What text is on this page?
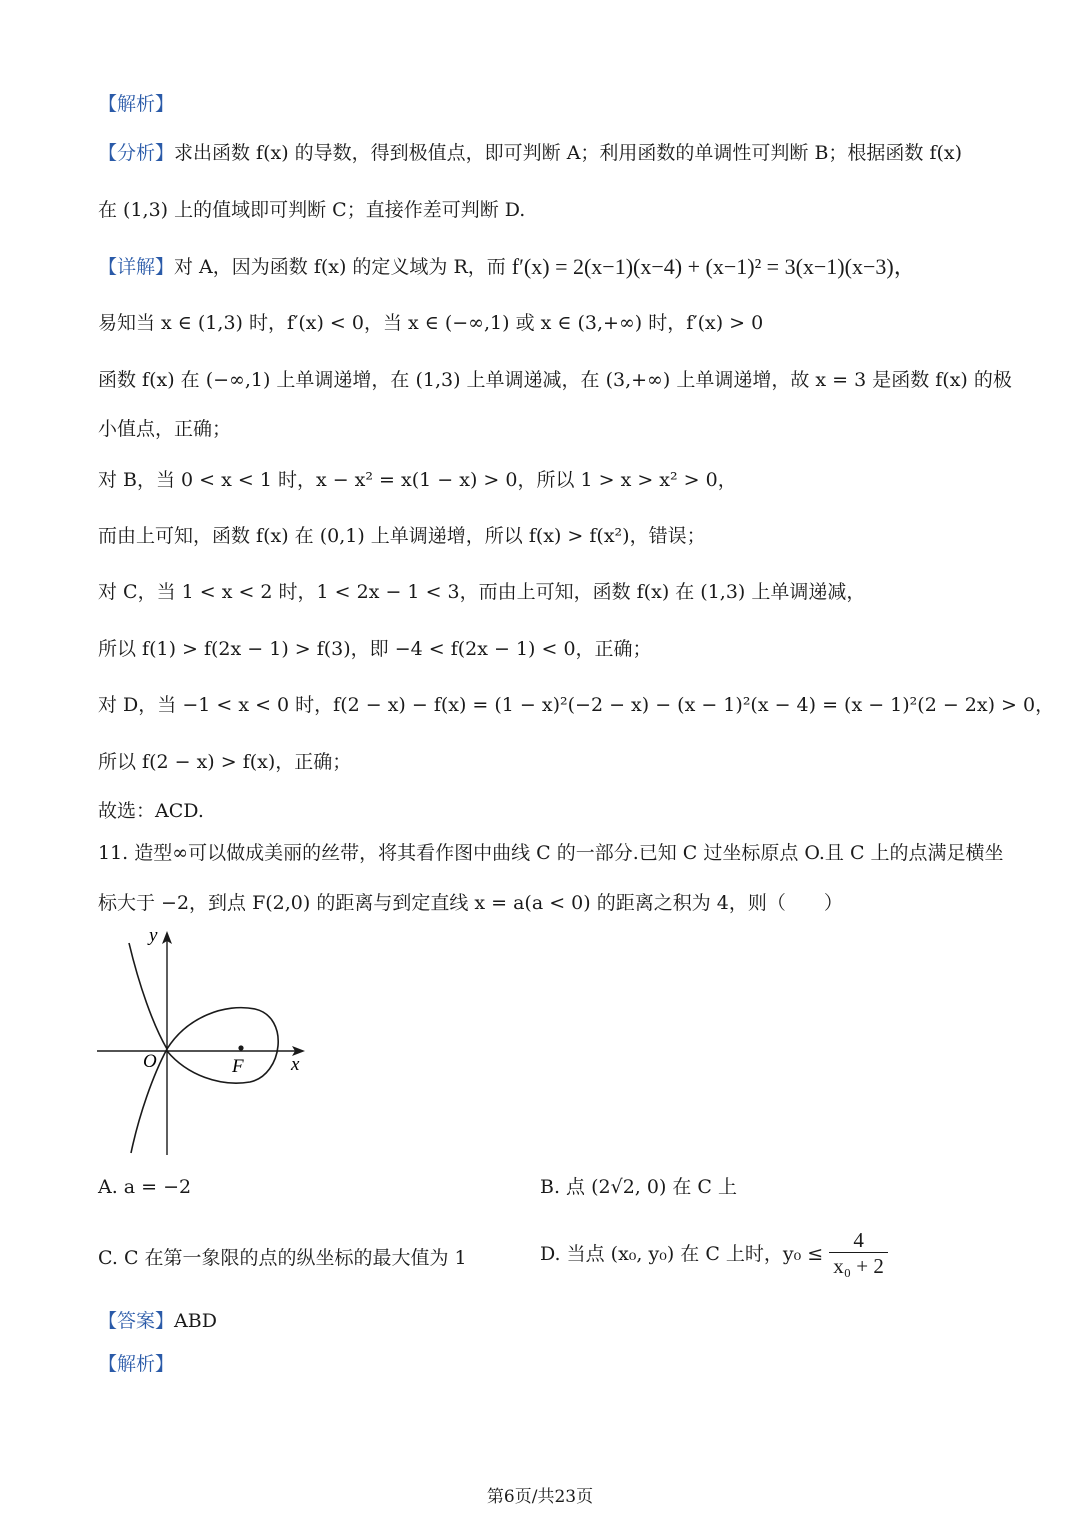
【解析】
【分析】 求出函数 f(x) 的导数，得到极值点，即可判断 A；利用函数的单调性可判断 B；根据函数 f(x)
在 (1,3) 上的值域即可判断 C；直接作差可判断 D.
【详解】 对 A，因为函数 f(x) 的定义域为 R，而 f′(x) = 2(x−1)(x−4) + (x−1)² = 3(x−1)(x−3)，
易知当 x ∈ (1,3) 时，f′(x) < 0，当 x ∈ (−∞,1) 或 x ∈ (3,+∞) 时，f′(x) > 0
函数 f(x) 在 (−∞,1) 上单调递增，在 (1,3) 上单调递减，在 (3,+∞) 上单调递增，故 x = 3 是函数 f(x) 的极
小值点，正确；
对 B，当 0 < x < 1 时，x − x² = x(1 − x) > 0，所以 1 > x > x² > 0，
而由上可知，函数 f(x) 在 (0,1) 上单调递增，所以 f(x) > f(x²)，错误；
对 C，当 1 < x < 2 时，1 < 2x − 1 < 3，而由上可知，函数 f(x) 在 (1,3) 上单调递减，
所以 f(1) > f(2x − 1) > f(3)，即 −4 < f(2x − 1) < 0，正确；
对 D，当 −1 < x < 0 时，f(2 − x) − f(x) = (1 − x)²(−2 − x) − (x − 1)²(x − 4) = (x − 1)²(2 − 2x) > 0，
所以 f(2 − x) > f(x)，正确；
故选：ACD.
11. 造型∞可以做成美丽的丝带，将其看作图中曲线 C 的一部分.已知 C 过坐标原点 O.且 C 上的点满足横坐
标大于 −2，到点 F(2,0) 的距离与到定直线 x = a(a < 0) 的距离之积为 4，则（　　）
y
x
O	F
A. a = −2	B. 点 (2√2, 0) 在 C 上
C. C 在第一象限的点的纵坐标的最大值为 1	D. 当点 (x₀, y₀) 在 C 上时，$y_0 \le \frac{4}{\text{x₀ + 2}}$
【答案】 ABD
【解析】
第6页/共23页
